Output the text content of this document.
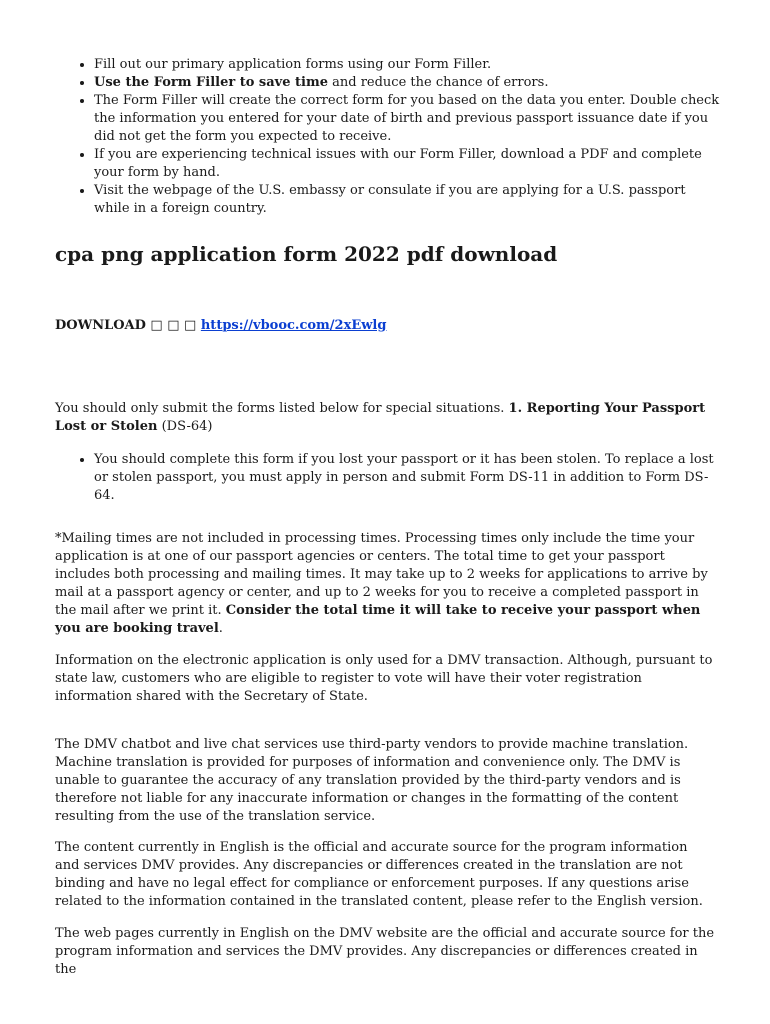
• Fill out our primary application forms using our Form Filler.
• Use the Form Filler to save time and reduce the chance of errors.
• The Form Filler will create the correct form for you based on the data you enter. Double check the information you entered for your date of birth and previous passport issuance date if you did not get the form you expected to receive.
• If you are experiencing technical issues with our Form Filler, download a PDF and complete your form by hand.
• Visit the webpage of the U.S. embassy or consulate if you are applying for a U.S. passport while in a foreign country.
cpa png application form 2022 pdf download
DOWNLOAD □ □ □ https://vbooc.com/2xEwlg

You should only submit the forms listed below for special situations. 1. Reporting Your Passport Lost or Stolen (DS-64)

• You should complete this form if you lost your passport or it has been stolen. To replace a lost or stolen passport, you must apply in person and submit Form DS-11 in addition to Form DS-64.

*Mailing times are not included in processing times. Processing times only include the time your application is at one of our passport agencies or centers. The total time to get your passport includes both processing and mailing times. It may take up to 2 weeks for applications to arrive by mail at a passport agency or center, and up to 2 weeks for you to receive a completed passport in the mail after we print it. Consider the total time it will take to receive your passport when you are booking travel.

Information on the electronic application is only used for a DMV transaction. Although, pursuant to state law, customers who are eligible to register to vote will have their voter registration information shared with the Secretary of State.

The DMV chatbot and live chat services use third-party vendors to provide machine translation. Machine translation is provided for purposes of information and convenience only. The DMV is unable to guarantee the accuracy of any translation provided by the third-party vendors and is therefore not liable for any inaccurate information or changes in the formatting of the content resulting from the use of the translation service.

The content currently in English is the official and accurate source for the program information and services DMV provides. Any discrepancies or differences created in the translation are not binding and have no legal effect for compliance or enforcement purposes. If any questions arise related to the information contained in the translated content, please refer to the English version.

The web pages currently in English on the DMV website are the official and accurate source for the program information and services the DMV provides. Any discrepancies or differences created in the
